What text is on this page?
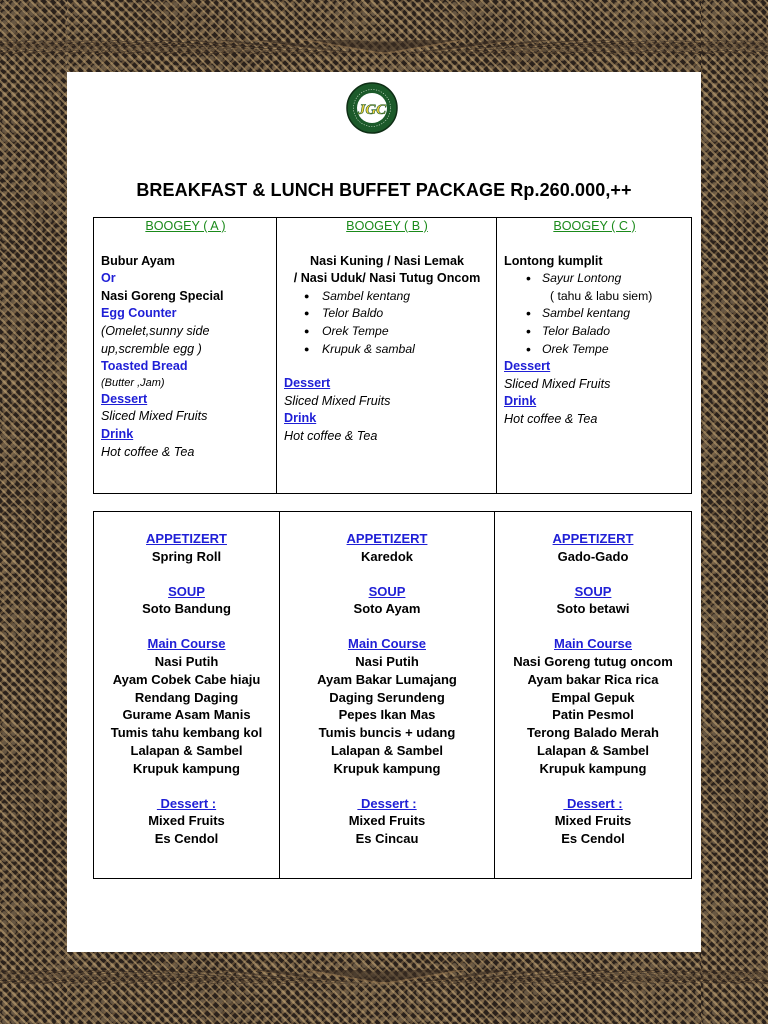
JGC
BREAKFAST & LUNCH BUFFET PACKAGE Rp.260.000,++
BOOGEY ( A )
Bubur Ayam
Or
Nasi Goreng Special
Egg Counter
(Omelet,sunny side
up,scremble egg )
Toasted Bread
(Butter ,Jam)
Dessert
Sliced Mixed Fruits
Drink
Hot coffee & Tea

BOOGEY ( B )
Nasi Kuning / Nasi Lemak
/ Nasi Uduk/ Nasi Tutug Oncom
● Sambel kentang
● Telor Baldo
● Orek Tempe
● Krupuk & sambal
Dessert
Sliced Mixed Fruits
Drink
Hot coffee & Tea

BOOGEY ( C )
Lontong kumplit
• Sayur Lontong
( tahu & labu siem)
• Sambel kentang
• Telor Balado
• Orek Tempe
Dessert
Sliced Mixed Fruits
Drink
Hot coffee & Tea
APPETIZERT
Spring Roll
SOUP
Soto Bandung
Main Course
Nasi Putih
Ayam Cobek Cabe hiaju
Rendang Daging
Gurame Asam Manis
Tumis tahu kembang kol
Lalapan & Sambel
Krupuk kampung
Dessert :
Mixed Fruits
Es Cendol

APPETIZERT
Karedok
SOUP
Soto Ayam
Main Course
Nasi Putih
Ayam Bakar Lumajang
Daging Serundeng
Pepes Ikan Mas
Tumis buncis + udang
Lalapan & Sambel
Krupuk kampung
Dessert :
Mixed Fruits
Es Cincau

APPETIZERT
Gado-Gado
SOUP
Soto betawi
Main Course
Nasi Goreng tutug oncom
Ayam bakar Rica rica
Empal Gepuk
Patin Pesmol
Terong Balado Merah
Lalapan & Sambel
Krupuk kampung
Dessert :
Mixed Fruits
Es Cendol
